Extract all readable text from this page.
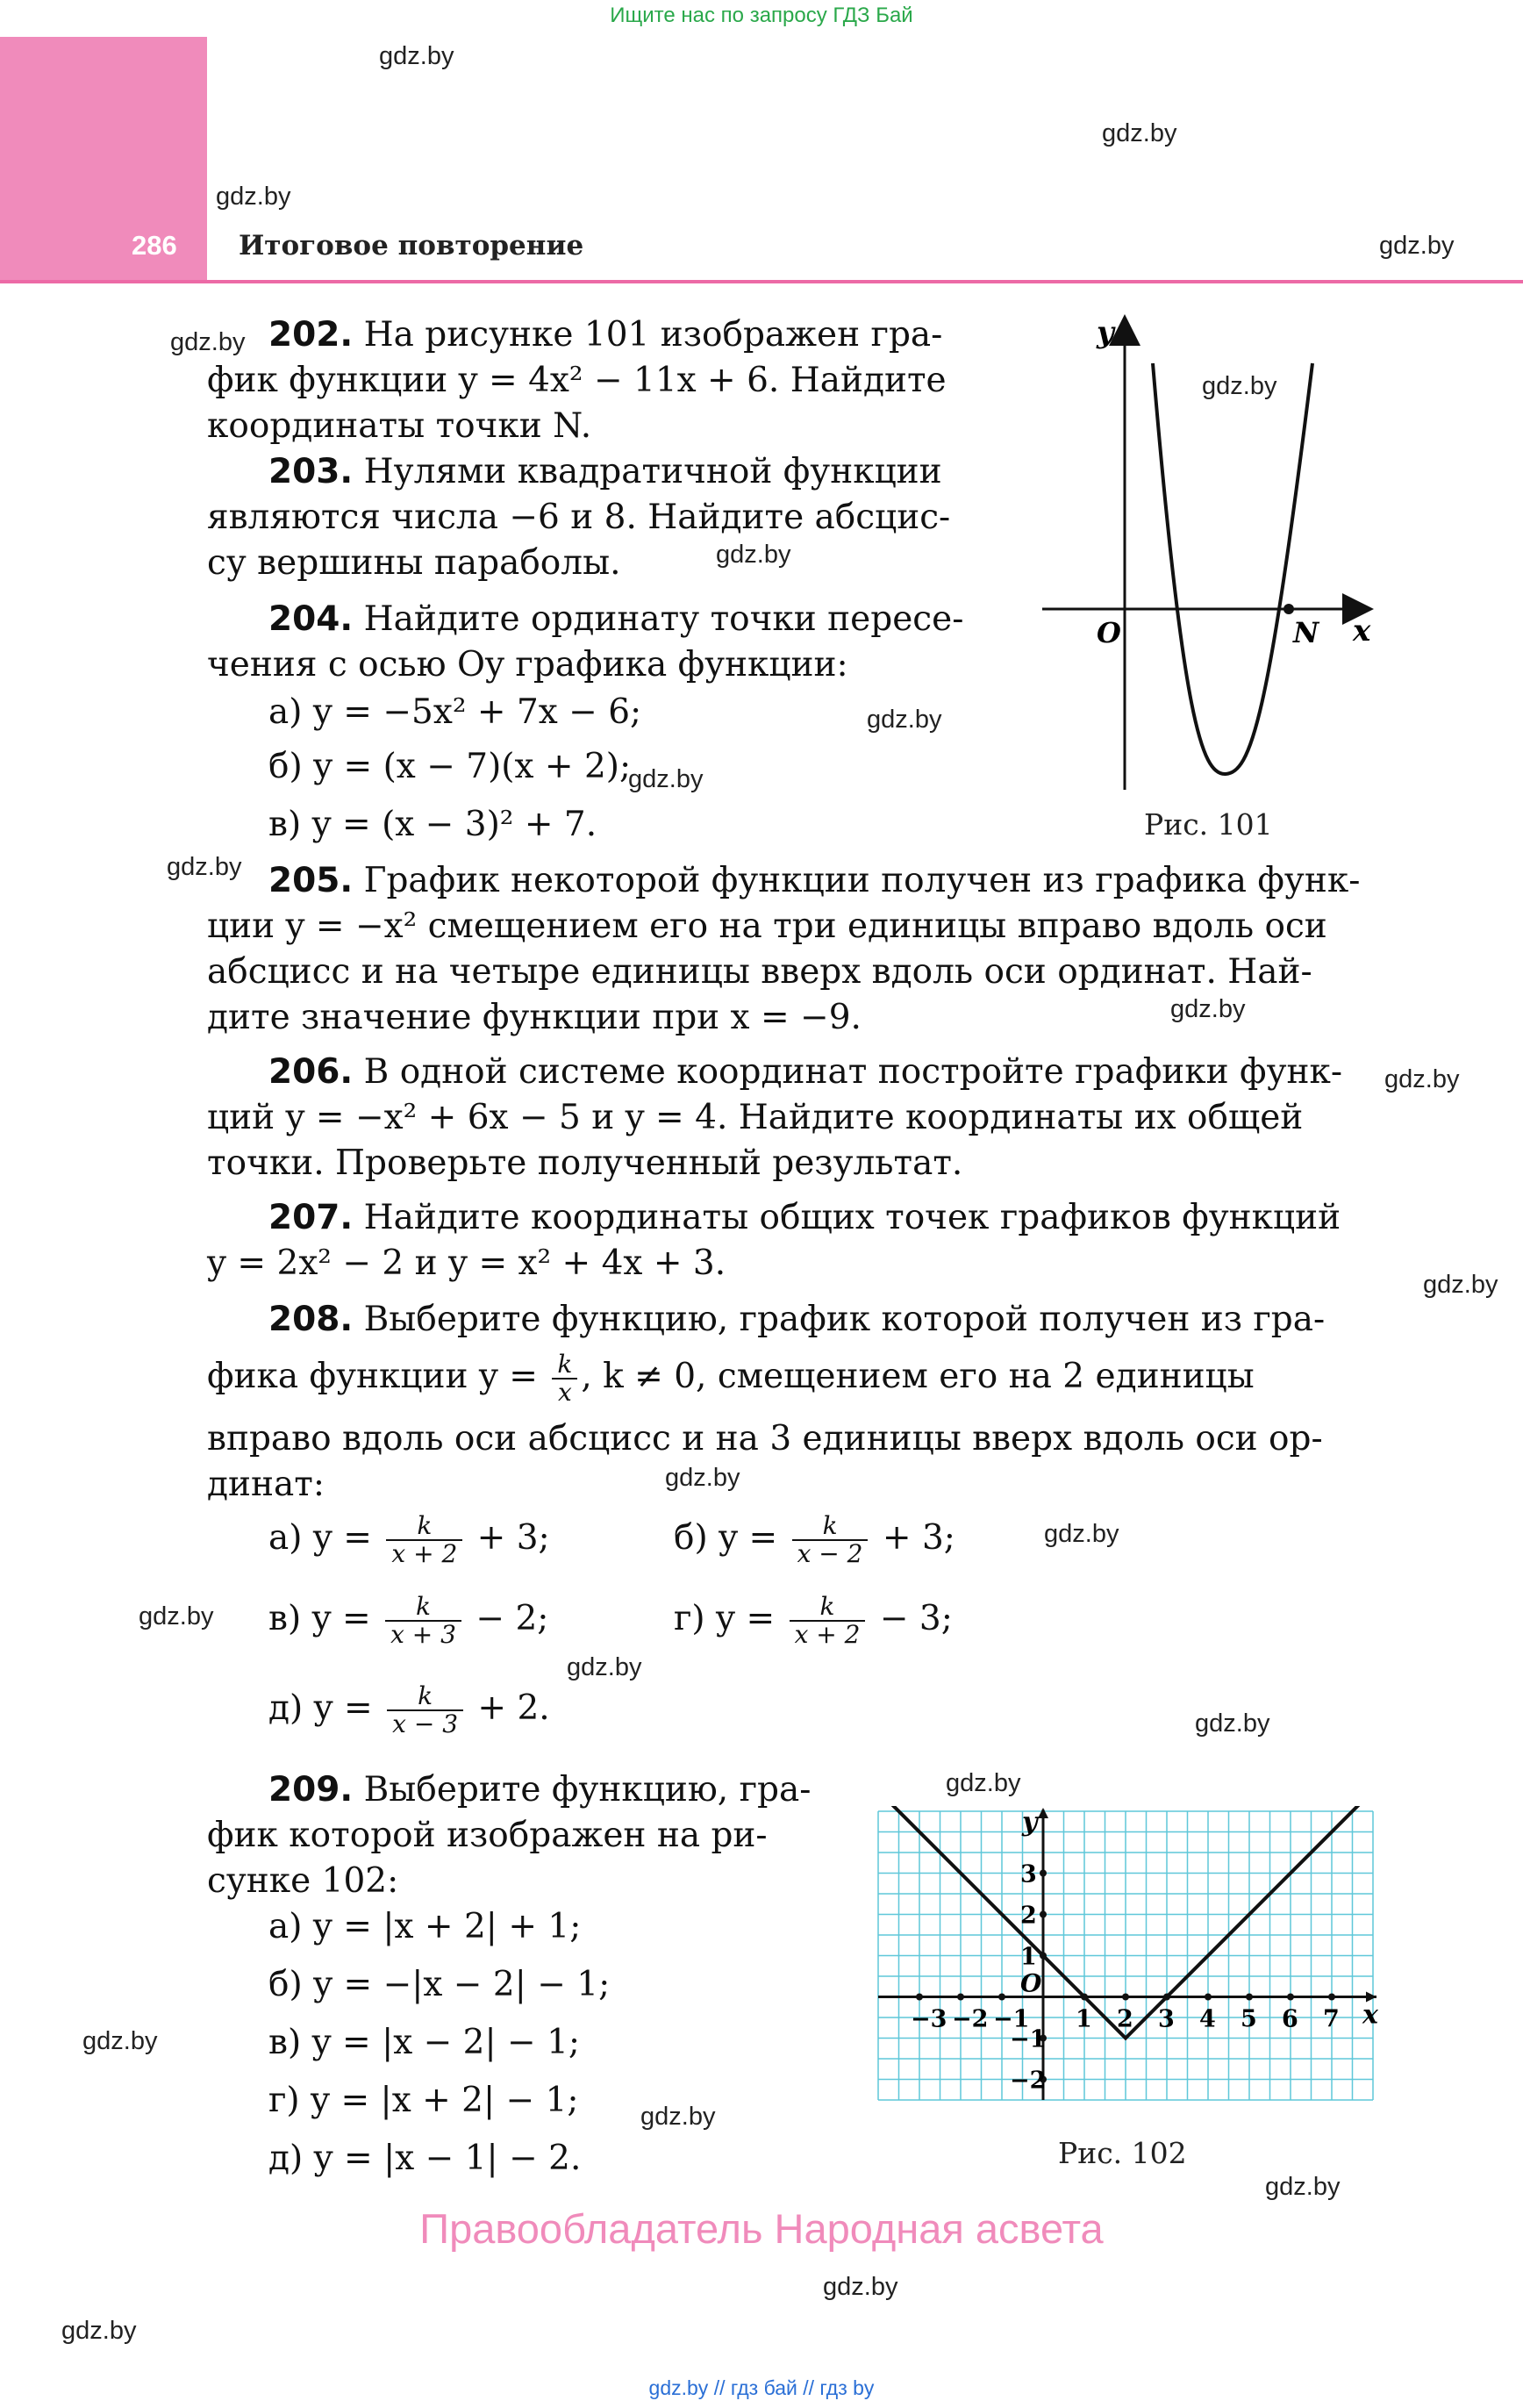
Ищите нас по запросу ГДЗ Бай
286 Итоговое повторение
gdz.by
gdz.by
gdz.by
gdz.by
gdz.by
gdz.by
gdz.by
gdz.by
gdz.by
gdz.by
gdz.by
gdz.by
gdz.by
gdz.by
gdz.by
gdz.by
gdz.by
gdz.by
gdz.by
gdz.by
gdz.by
gdz.by
gdz.by
gdz.by
202. На рисунке 101 изображен гра-
фик функции y = 4x² − 11x + 6. Найдите
координаты точки N.
203. Нулями квадратичной функции
являются числа −6 и 8. Найдите абсцис-
су вершины параболы.
204. Найдите ординату точки пересе-
чения с осью Oy графика функции:
а) y = −5x² + 7x − 6;
б) y = (x − 7)(x + 2);
в) y = (x − 3)² + 7.
y
x
O	N
Рис. 101
205. График некоторой функции получен из графика функ-
ции y = −x² смещением его на три единицы вправо вдоль оси
абсцисс и на четыре единицы вверх вдоль оси ординат. Най-
дите значение функции при x = −9.
206. В одной системе координат постройте графики функ-
ций y = −x² + 6x − 5 и y = 4. Найдите координаты их общей
точки. Проверьте полученный результат.
207. Найдите координаты общих точек графиков функций
y = 2x² − 2 и y = x² + 4x + 3.
208. Выберите функцию, график которой получен из гра-
фика функции $y = \frac{k}{x}$ , k ≠ 0, смещением его на 2 единицы
вправо вдоль оси абсцисс и на 3 единицы вверх вдоль оси ор-
динат:
а) $y = \frac{k}{x + 2} + 3$;	б) $y = \frac{k}{x - 2} + 3$;
в) $y = \frac{k}{x + 3} - 2$;	г) $y = \frac{k}{x + 2} - 3$;
д) $y = \frac{k}{x - 3} + 2$.
209. Выберите функцию, гра-
фик которой изображен на ри-
сунке 102:
а) y = |x + 2| + 1;
б) y = −|x − 2| − 1;
в) y = |x − 2| − 1;
г) y = |x + 2| − 1;
д) y = |x − 1| − 2.
−3 −2 −1 1 2 3 4 5 6 7
3
2
1
−1
−2
O
y
x
Рис. 102
Правообладатель Народная асвета
gdz.by // гдз бай // гдз by
